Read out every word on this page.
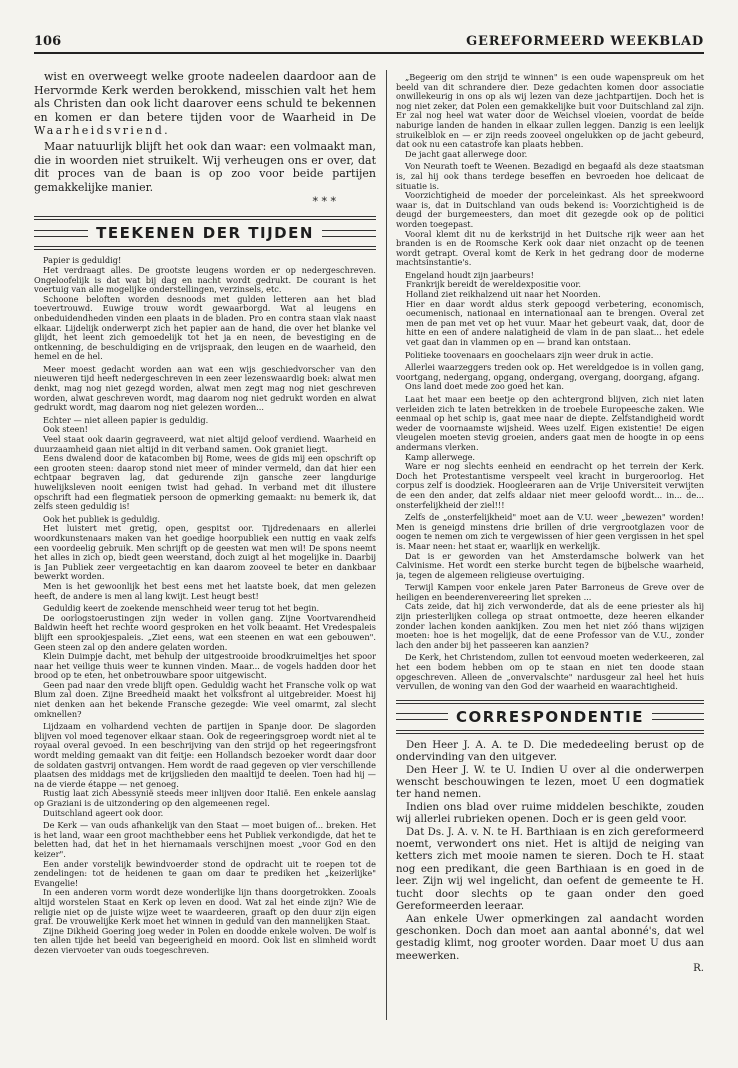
106	GEREFORMEERD WEEKBLAD

wist en overweegt welke groote nadeelen daardoor aan de Hervormde Kerk werden berokkend, misschien valt het hem als Christen dan ook licht daarover eens schuld te bekennen en komen er dan betere tijden voor de Waarheid in De Waarheidsvriend.

Maar natuurlijk blijft het ook dan waar: een volmaakt man, die in woorden niet struikelt. Wij verheugen ons er over, dat dit proces van de baan is op zoo voor beide partijen gemakkelijke manier.

* * *
TEEKENEN DER TIJDEN

Papier is geduldig!

Het verdraagt alles. De grootste leugens worden er op nedergeschreven. Ongeloofelijk is dat wat bij dag en nacht wordt gedrukt. De courant is het voertuig van alle mogelijke onderstellingen, verzinsels, etc.

Schoone beloften worden desnoods met gulden letteren aan het blad toevertrouwd. Euwige trouw wordt gewaarborgd. Wat al leugens en onbeduidendheden vinden een plaats in de bladen. Pro en contra staan vlak naast elkaar. Lijdelijk onderwerpt zich het papier aan de hand, die over het blanke vel glijdt, het leent zich gemoedelijk tot het ja en neen, de bevestiging en de ontkenning, de beschuldiging en de vrijspraak, den leugen en de waarheid, den hemel en de hel.

Meer moest gedacht worden aan wat een wijs geschiedvorscher van den nieuweren tijd heeft nedergeschreven in een zeer lezenswaardig boek: alwat men denkt, mag nog niet gezegd worden, alwat men zegt mag nog niet geschreven worden, alwat geschreven wordt, mag daarom nog niet gedrukt worden en alwat gedrukt wordt, mag daarom nog niet gelezen worden...

Echter — niet alleen papier is geduldig.

Ook steen!

Veel staat ook daarin gegraveerd, wat niet altijd geloof verdiend. Waarheid en duurzaamheid gaan niet altijd in dit verband samen. Ook graniet liegt.

Eens dwalend door de katacomben bij Rome, wees de gids mij een opschrift op een grooten steen: daarop stond niet meer of minder vermeld, dan dat hier een echtpaar begraven lag, dat gedurende zijn gansche zeer langdurige huwelijksleven nooit eenigen twist had gehad. In verband met dit illustere opschrift had een flegmatiek persoon de opmerking gemaakt: nu bemerk ik, dat zelfs steen geduldig is!

Ook het publiek is geduldig.

Het luistert met gretig, open, gespitst oor. Tijdredenaars en allerlei woordkunstenaars maken van het goedige hoorpubliek een nuttig en vaak zelfs een voordeelig gebruik. Men schrijft op de geesten wat men wil! De spons neemt het alles in zich op, biedt geen weerstand, doch zuigt al het mogelijke in. Daarbij is Jan Publiek zeer vergeetachtig en kan daarom zooveel te beter en dankbaar bewerkt worden.

Men is het gewoonlijk het best eens met het laatste boek, dat men gelezen heeft, de andere is men al lang kwijt. Lest heugt best!

Geduldig keert de zoekende menschheid weer terug tot het begin.

De oorlogstoerustingen zijn weder in vollen gang. Zijne Voortvarendheid Baldwin heeft het rechte woord gesproken en het volk beaamt. Het Vredespaleis blijft een sprookjespaleis. „Ziet eens, wat een steenen en wat een gebouwen". Geen steen zal op den andere gelaten worden.

Klein Duimpje dacht, met behulp der uitgestrooide broodkruimeltjes het spoor naar het veilige thuis weer te kunnen vinden. Maar... de vogels hadden door het brood op te eten, het onbetrouwbare spoor uitgewischt.

Geen pad naar den vrede blijft open. Geduldig wacht het Fransche volk op wat Blum zal doen. Zijne Breedheid maakt het volksfront al uitgebreider. Moest hij niet denken aan het bekende Fransche gezegde: Wie veel omarmt, zal slecht omknellen?

Lijdzaam en volhardend vechten de partijen in Spanje door. De slagorden blijven vol moed tegenover elkaar staan. Ook de regeeringsgroep wordt niet al te royaal overal gevoed. In een beschrijving van den strijd op het regeeringsfront wordt melding gemaakt van dit feitje: een Hollandsch bezoeker wordt daar door de soldaten gastvrij ontvangen. Hem wordt de raad gegeven op vier verschillende plaatsen des middags met de krijgslieden den maaltijd te deelen. Toen had hij — na de vierde étappe — net genoeg.

Rustig laat zich Abessynië steeds meer inlijven door Italië. Een enkele aanslag op Graziani is de uitzondering op den algemeenen regel.

Duitschland ageert ook door.

De Kerk — van ouds afhankelijk van den Staat — moet buigen of... breken. Het is het land, waar een groot machthebber eens het Publiek verkondigde, dat het te beletten had, dat het in het hiernamaals verschijnen moest „voor God en den keizer".

Een ander vorstelijk bewindvoerder stond de opdracht uit te roepen tot de zendelingen: tot de heidenen te gaan om daar te prediken het „keizerlijke" Evangelie!

In een anderen vorm wordt deze wonderlijke lijn thans doorgetrokken. Zooals altijd worstelen Staat en Kerk op leven en dood. Wat zal het einde zijn? Wie de religie niet op de juiste wijze weet te waardeeren, graaft op den duur zijn eigen graf. De vrouwelijke Kerk moet het winnen in geduld van den mannelijken Staat.

Zijne Dikheid Goering joeg weder in Polen en doodde enkele wolven. De wolf is ten allen tijde het beeld van begeerigheid en moord. Ook list en slimheid wordt dezen viervoeter van ouds toegeschreven.

„Begeerig om den strijd te winnen" is een oude wapenspreuk om het beeld van dit schrandere dier. Deze gedachten komen door associatie onwillekeurig in ons op als wij lezen van deze jachtpartijen. Doch het is nog niet zeker, dat Polen een gemakkelijke buit voor Duitschland zal zijn. Er zal nog heel wat water door de Weichsel vloeien, voordat de beide naburige landen de handen in elkaar zullen leggen. Danzig is een leelijk struikelblok en — er zijn reeds zooveel ongelukken op de jacht gebeurd, dat ook nu een catastrofe kan plaats hebben.

De jacht gaat allerwege door.

Von Neurath toeft te Weenen. Bezadigd en begaafd als deze staatsman is, zal hij ook thans terdege beseffen en bevroeden hoe delicaat de situatie is.

Voorzichtigheid de moeder der porceleinkast. Als het spreekwoord waar is, dat in Duitschland van ouds bekend is: Voorzichtigheid is de deugd der burgemeesters, dan moet dit gezegde ook op de politici worden toegepast.

Vooral klemt dit nu de kerkstrijd in het Duitsche rijk weer aan het branden is en de Roomsche Kerk ook daar niet onzacht op de teenen wordt getrapt. Overal komt de Kerk in het gedrang door de moderne machtsinstantie's.

Engeland houdt zijn jaarbeurs!

Frankrijk bereidt de wereldexpositie voor.

Holland ziet reikhalzend uit naar het Noorden.

Hier en daar wordt aldus sterk gepoogd verbetering, economisch, oecumenisch, nationaal en internationaal aan te brengen. Overal zet men de pan met vet op het vuur. Maar het gebeurt vaak, dat, door de hitte en een of andere nalatigheid de vlam in de pan slaat... het edele vet gaat dan in vlammen op en — brand kan ontstaan.

Politieke toovenaars en goochelaars zijn weer druk in actie.

Allerlei waarzeggers treden ook op. Het wereldgedoe is in vollen gang, voortgang, nedergang, opgang, ondergang, overgang, doorgang, afgang.

Ons land doet mede zoo goed het kan.

Laat het maar een beetje op den achtergrond blijven, zich niet laten verleiden zich te laten betrekken in de troebele Europeesche zaken. Wie eenmaal op het schip is, gaat mee naar de diepte. Zelfstandigheid wordt weder de voornaamste wijsheid. Wees uzelf. Eigen existentie! De eigen vleugelen moeten stevig groeien, anders gaat men de hoogte in op eens andermans vlerken.

Kamp allerwege.

Ware er nog slechts eenheid en eendracht op het terrein der Kerk. Doch het Protestantisme verspeelt veel kracht in burgeroorlog. Het corpus zelf is doodziek. Hoogleeraren aan de Vrije Universiteit verwijten de een den ander, dat zelfs aldaar niet meer geloofd wordt... in... de... onsterfelijkheid der ziel!!!

Zelfs de „onsterfelijkheid" moet aan de V.U. weer „bewezen" worden! Men is geneigd minstens drie brillen of drie vergrootglazen voor de oogen te nemen om zich te vergewissen of hier geen vergissen in het spel is. Maar neen: het staat er, waarlijk en werkelijk.

Dat is er geworden van het Amsterdamsche bolwerk van het Calvinisme. Het wordt een sterke burcht tegen de bijbelsche waarheid, ja, tegen de algemeen religieuse overtuiging.

Terwijl Kampen voor enkele jaren Pater Barroneus de Greve over de heiligen en beenderenvereering liet spreken ...

Cats zeide, dat hij zich verwonderde, dat als de eene priester als hij zijn priesterlijken collega op straat ontmoette, deze heeren elkander zonder lachen konden aankijken. Zou men het niet zóó thans wijzigen moeten: hoe is het mogelijk, dat de eene Professor van de V.U., zonder lach den ander bij het passeeren kan aanzien?

De Kerk, het Christendom, zullen tot eenvoud moeten wederkeeren, zal het een bodem hebben om op te staan en niet ten doode staan opgeschreven. Alleen de „onvervalschte" nardusgeur zal heel het huis vervullen, de woning van den God der waarheid en waarachtigheid.

CORRESPONDENTIE

Den Heer J. A. A. te D. Die mededeeling berust op de ondervinding van den uitgever.

Den Heer J. W. te U. Indien U over al die onderwerpen wenscht beschouwingen te lezen, moet U een dogmatiek ter hand nemen.

Indien ons blad over ruime middelen beschikte, zouden wij allerlei rubrieken openen. Doch er is geen geld voor.

Dat Ds. J. A. v. N. te H. Barthiaan is en zich gereformeerd noemt, verwondert ons niet. Het is altijd de neiging van ketters zich met mooie namen te sieren. Doch te H. staat nog een predikant, die geen Barthiaan is en goed in de leer. Zijn wij wel ingelicht, dan oefent de gemeente te H. tucht door slechts op te gaan onder den goed Gereformeerden leeraar.

Aan enkele Uwer opmerkingen zal aandacht worden geschonken. Doch dan moet aan aantal abonné's, dat wel gestadig klimt, nog grooter worden. Daar moet U dus aan meewerken.

R.
